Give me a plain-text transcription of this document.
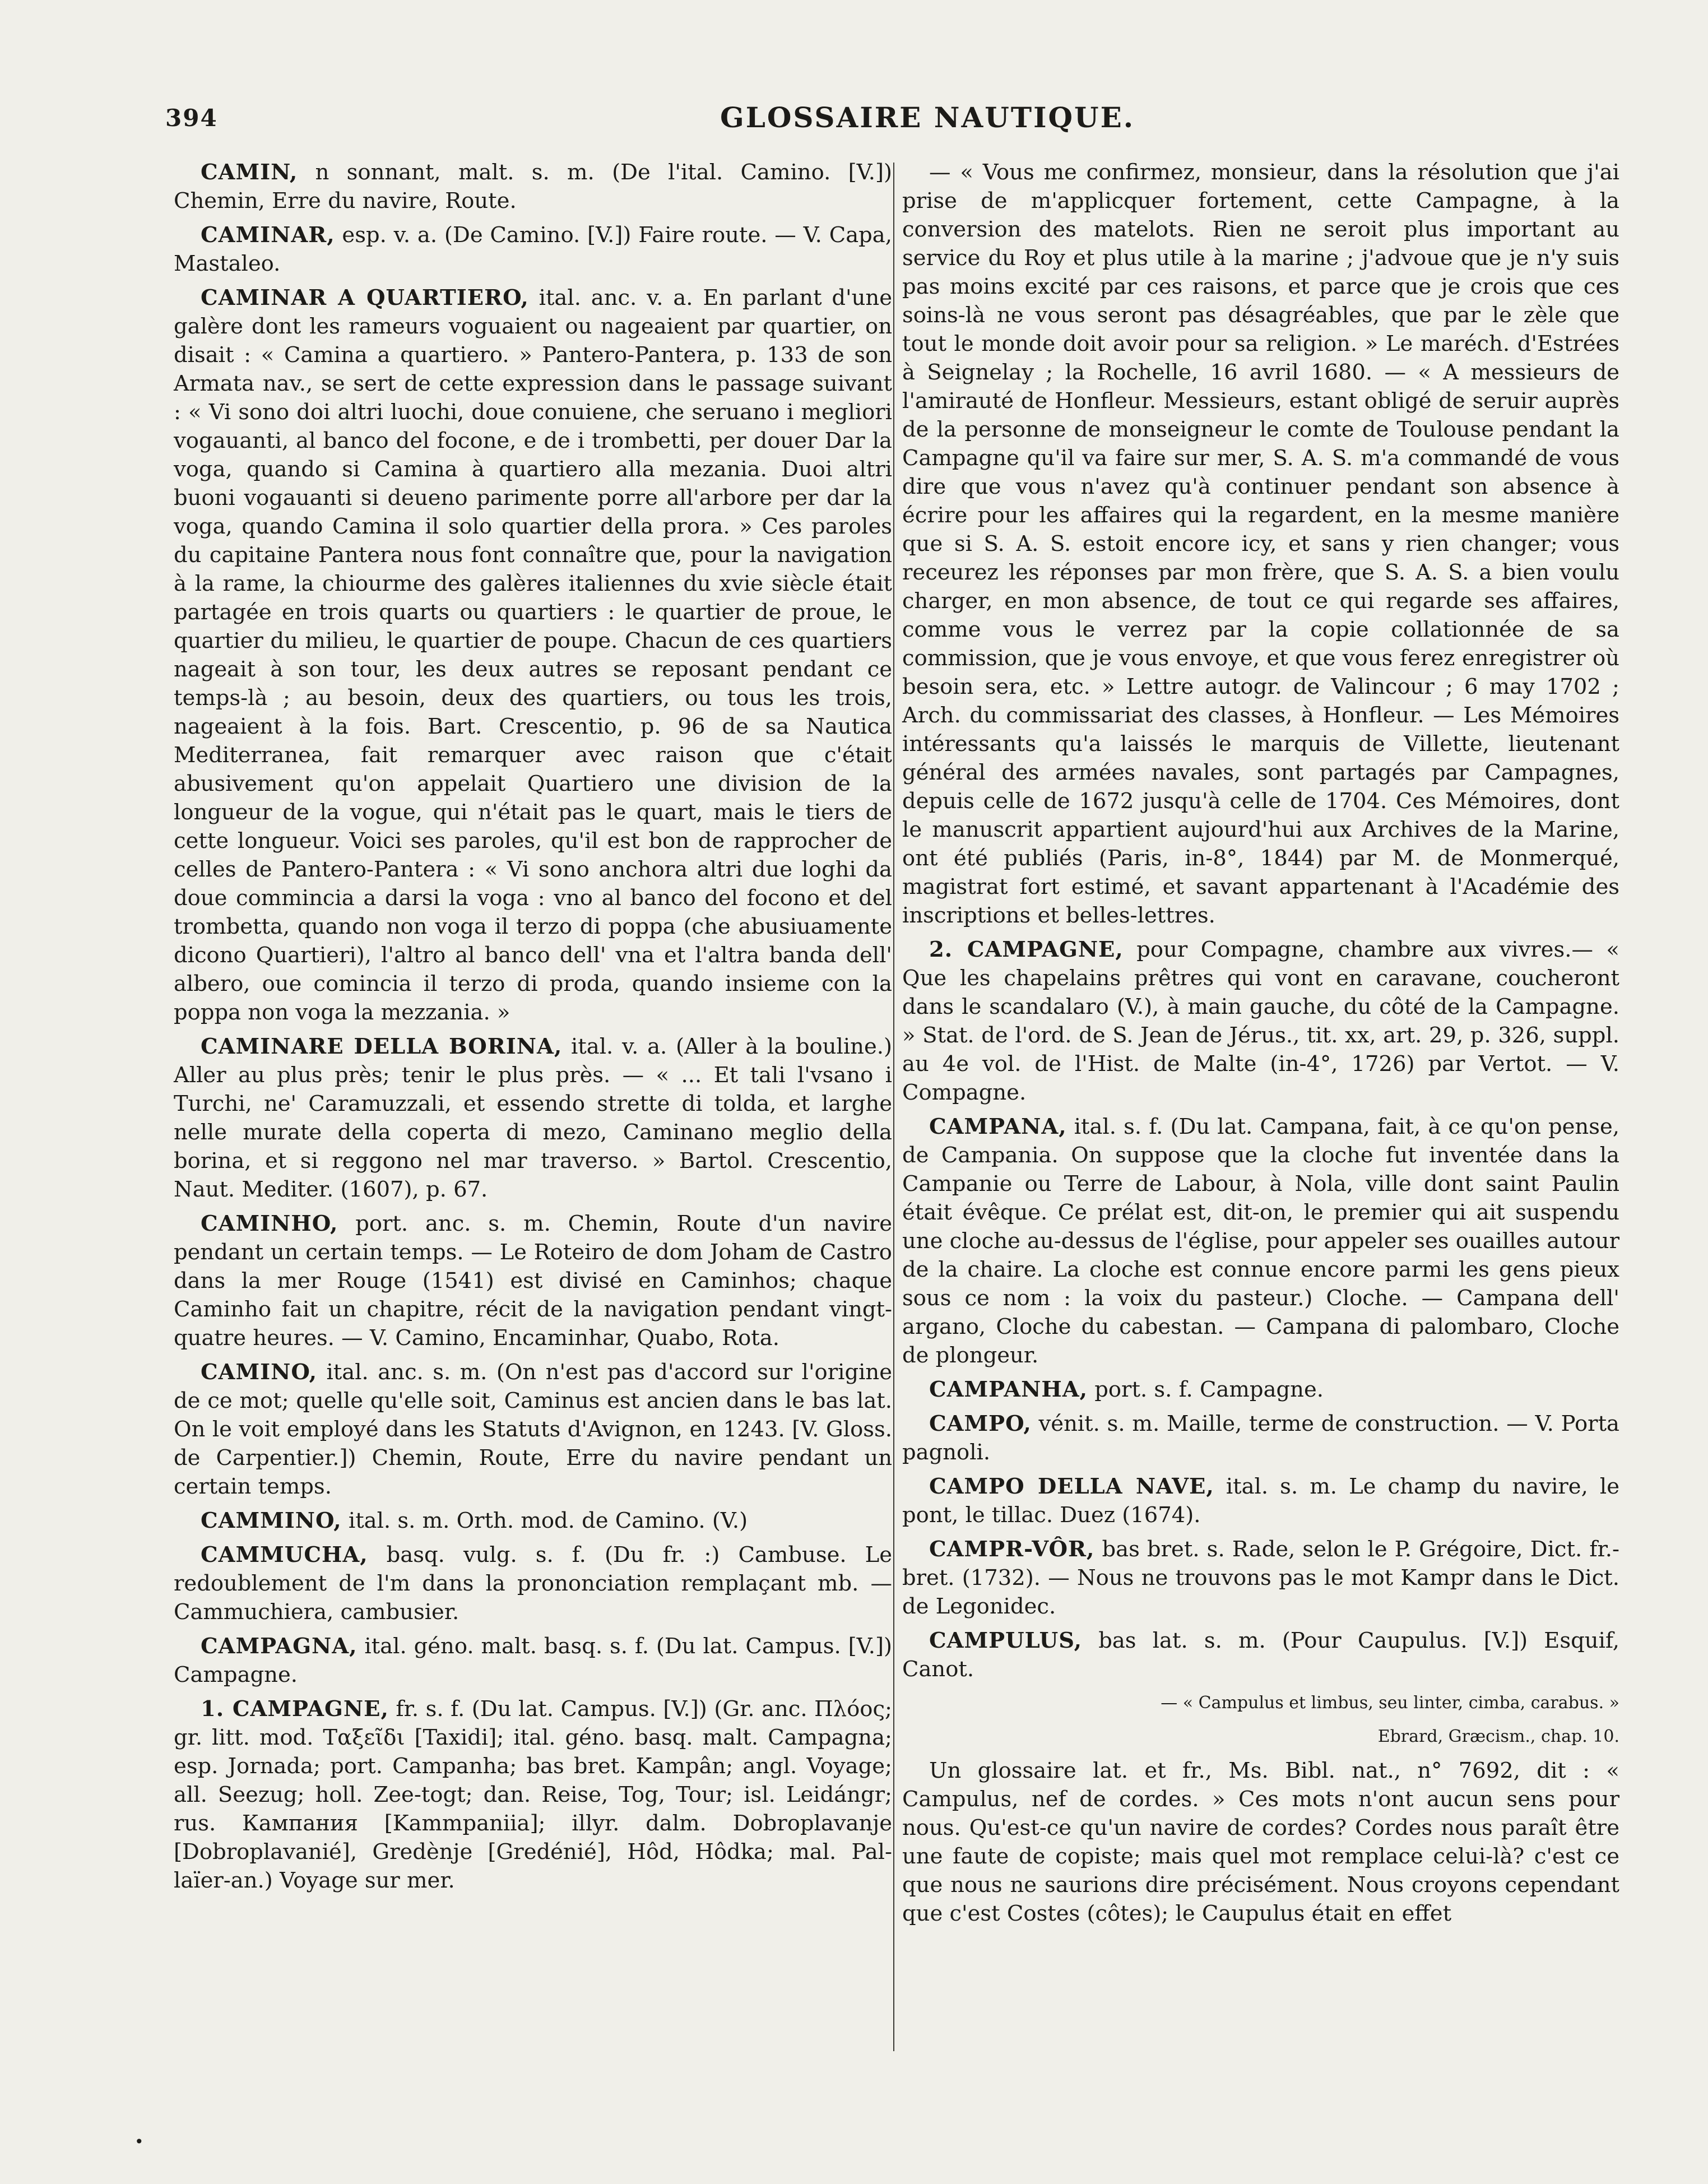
394	GLOSSAIRE NAUTIQUE.

CAMIN, n sonnant, malt. s. m. (De l'ital. Camino. [V.]) Chemin, Erre du navire, Route.

CAMINAR, esp. v. a. (De Camino. [V.]) Faire route. — V. Capa, Mastaleo.

CAMINAR A QUARTIERO, ital. anc. v. a. En parlant d'une galère dont les rameurs voguaient ou nageaient par quartier, on disait : « Camina a quartiero. » Pantero-Pantera, p. 133 de son Armata nav., se sert de cette expression dans le passage suivant : « Vi sono doi altri luochi, doue conuiene, che seruano i megliori vogauanti, al banco del focone, e de i trombetti, per douer Dar la voga, quando si Camina à quartiero alla mezania. Duoi altri buoni vogauanti si deueno parimente porre all'arbore per dar la voga, quando Camina il solo quartier della prora. » Ces paroles du capitaine Pantera nous font connaître que, pour la navigation à la rame, la chiourme des galères italiennes du xvie siècle était partagée en trois quarts ou quartiers : le quartier de proue, le quartier du milieu, le quartier de poupe. Chacun de ces quartiers nageait à son tour, les deux autres se reposant pendant ce temps-là ; au besoin, deux des quartiers, ou tous les trois, nageaient à la fois. Bart. Crescentio, p. 96 de sa Nautica Mediterranea, fait remarquer avec raison que c'était abusivement qu'on appelait Quartiero une division de la longueur de la vogue, qui n'était pas le quart, mais le tiers de cette longueur. Voici ses paroles, qu'il est bon de rapprocher de celles de Pantero-Pantera : « Vi sono anchora altri due loghi da doue commincia a darsi la voga : vno al banco del focono et del trombetta, quando non voga il terzo di poppa (che abusiuamente dicono Quartieri), l'altro al banco dell' vna et l'altra banda dell' albero, oue comincia il terzo di proda, quando insieme con la poppa non voga la mezzania. »

CAMINARE DELLA BORINA, ital. v. a. (Aller à la bouline.) Aller au plus près; tenir le plus près. — « ... Et tali l'vsano i Turchi, ne' Caramuzzali, et essendo strette di tolda, et larghe nelle murate della coperta di mezo, Caminano meglio della borina, et si reggono nel mar traverso. » Bartol. Crescentio, Naut. Mediter. (1607), p. 67.

CAMINHO, port. anc. s. m. Chemin, Route d'un navire pendant un certain temps. — Le Roteiro de dom Joham de Castro dans la mer Rouge (1541) est divisé en Caminhos; chaque Caminho fait un chapitre, récit de la navigation pendant vingt-quatre heures. — V. Camino, Encaminhar, Quabo, Rota.

CAMINO, ital. anc. s. m. (On n'est pas d'accord sur l'origine de ce mot; quelle qu'elle soit, Caminus est ancien dans le bas lat. On le voit employé dans les Statuts d'Avignon, en 1243. [V. Gloss. de Carpentier.]) Chemin, Route, Erre du navire pendant un certain temps.

CAMMINO, ital. s. m. Orth. mod. de Camino. (V.)

CAMMUCHA, basq. vulg. s. f. (Du fr. :) Cambuse. Le redoublement de l'm dans la prononciation remplaçant mb. — Cammuchiera, cambusier.

CAMPAGNA, ital. géno. malt. basq. s. f. (Du lat. Campus. [V.]) Campagne.

1. CAMPAGNE, fr. s. f. (Du lat. Campus. [V.]) (Gr. anc. Πλόος; gr. litt. mod. Ταξεῖδι [Taxidi]; ital. géno. basq. malt. Campagna; esp. Jornada; port. Campanha; bas bret. Kampân; angl. Voyage; all. Seezug; holl. Zee-togt; dan. Reise, Tog, Tour; isl. Leidángr; rus. Кампания [Kammpaniia]; illyr. dalm. Dobroplavanje [Dobroplavanié], Gredènje [Gredénié], Hôd, Hôdka; mal. Pal-laïer-an.) Voyage sur mer.

— « Vous me confirmez, monsieur, dans la résolution que j'ai prise de m'applicquer fortement, cette Campagne, à la conversion des matelots. Rien ne seroit plus important au service du Roy et plus utile à la marine ; j'advoue que je n'y suis pas moins excité par ces raisons, et parce que je crois que ces soins-là ne vous seront pas désagréables, que par le zèle que tout le monde doit avoir pour sa religion. » Le maréch. d'Estrées à Seignelay ; la Rochelle, 16 avril 1680. — « A messieurs de l'amirauté de Honfleur. Messieurs, estant obligé de seruir auprès de la personne de monseigneur le comte de Toulouse pendant la Campagne qu'il va faire sur mer, S. A. S. m'a commandé de vous dire que vous n'avez qu'à continuer pendant son absence à écrire pour les affaires qui la regardent, en la mesme manière que si S. A. S. estoit encore icy, et sans y rien changer; vous receurez les réponses par mon frère, que S. A. S. a bien voulu charger, en mon absence, de tout ce qui regarde ses affaires, comme vous le verrez par la copie collationnée de sa commission, que je vous envoye, et que vous ferez enregistrer où besoin sera, etc. » Lettre autogr. de Valincour ; 6 may 1702 ; Arch. du commissariat des classes, à Honfleur. — Les Mémoires intéressants qu'a laissés le marquis de Villette, lieutenant général des armées navales, sont partagés par Campagnes, depuis celle de 1672 jusqu'à celle de 1704. Ces Mémoires, dont le manuscrit appartient aujourd'hui aux Archives de la Marine, ont été publiés (Paris, in-8°, 1844) par M. de Monmerqué, magistrat fort estimé, et savant appartenant à l'Académie des inscriptions et belles-lettres.

2. CAMPAGNE, pour Compagne, chambre aux vivres.— « Que les chapelains prêtres qui vont en caravane, coucheront dans le scandalaro (V.), à main gauche, du côté de la Campagne. » Stat. de l'ord. de S. Jean de Jérus., tit. xx, art. 29, p. 326, suppl. au 4e vol. de l'Hist. de Malte (in-4°, 1726) par Vertot. — V. Compagne.

CAMPANA, ital. s. f. (Du lat. Campana, fait, à ce qu'on pense, de Campania. On suppose que la cloche fut inventée dans la Campanie ou Terre de Labour, à Nola, ville dont saint Paulin était évêque. Ce prélat est, dit-on, le premier qui ait suspendu une cloche au-dessus de l'église, pour appeler ses ouailles autour de la chaire. La cloche est connue encore parmi les gens pieux sous ce nom : la voix du pasteur.) Cloche. — Campana dell' argano, Cloche du cabestan. — Campana di palombaro, Cloche de plongeur.

CAMPANHA, port. s. f. Campagne.

CAMPO, vénit. s. m. Maille, terme de construction. — V. Porta pagnoli.

CAMPO DELLA NAVE, ital. s. m. Le champ du navire, le pont, le tillac. Duez (1674).

CAMPR-VÔR, bas bret. s. Rade, selon le P. Grégoire, Dict. fr.-bret. (1732). — Nous ne trouvons pas le mot Kampr dans le Dict. de Legonidec.

CAMPULUS, bas lat. s. m. (Pour Caupulus. [V.]) Esquif, Canot.

— « Campulus et limbus, seu linter, cimba, carabus. »

Ebrard, Græcism., chap. 10.

Un glossaire lat. et fr., Ms. Bibl. nat., n° 7692, dit : « Campulus, nef de cordes. » Ces mots n'ont aucun sens pour nous. Qu'est-ce qu'un navire de cordes? Cordes nous paraît être une faute de copiste; mais quel mot remplace celui-là? c'est ce que nous ne saurions dire précisément. Nous croyons cependant que c'est Costes (côtes); le Caupulus était en effet

•
